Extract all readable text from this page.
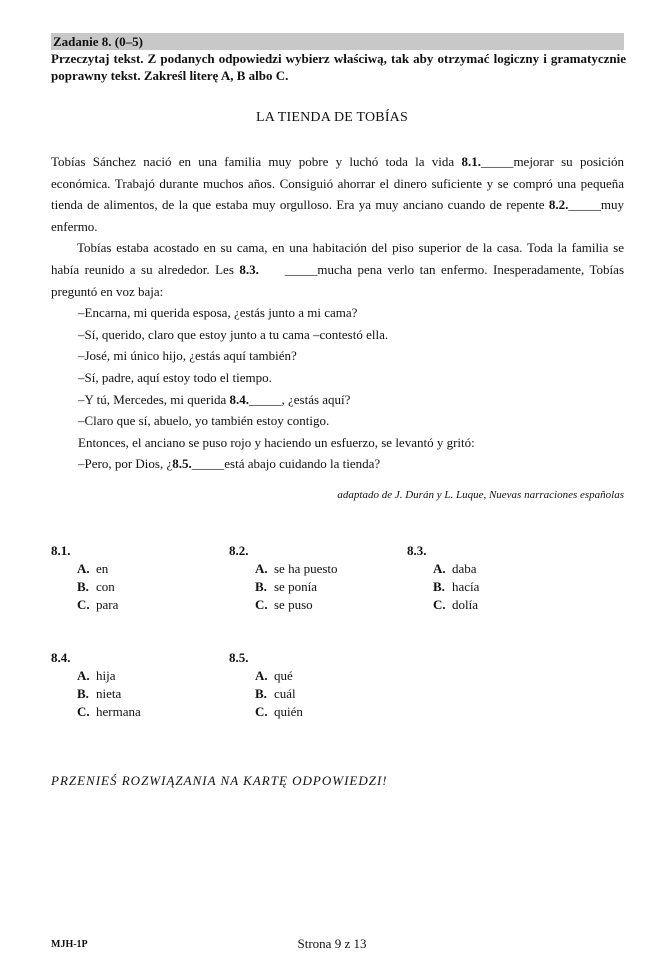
Zadanie 8. (0–5)
Przeczytaj tekst. Z podanych odpowiedzi wybierz właściwą, tak aby otrzymać logiczny i gramatycznie poprawny tekst. Zakreśl literę A, B albo C.
LA TIENDA DE TOBÍAS

Tobías Sánchez nació en una familia muy pobre y luchó toda la vida 8.1._____mejorar su posición económica. Trabajó durante muchos años. Consiguió ahorrar el dinero suficiente y se compró una pequeña tienda de alimentos, de la que estaba muy orgulloso. Era ya muy anciano cuando de repente 8.2._____muy enfermo.

Tobías estaba acostado en su cama, en una habitación del piso superior de la casa. Toda la familia se había reunido a su alrededor. Les 8.3._____mucha pena verlo tan enfermo. Inesperadamente, Tobías preguntó en voz baja:

–Encarna, mi querida esposa, ¿estás junto a mi cama?

–Sí, querido, claro que estoy junto a tu cama –contestó ella.

–José, mi único hijo, ¿estás aquí también?

–Sí, padre, aquí estoy todo el tiempo.

–Y tú, Mercedes, mi querida 8.4._____, ¿estás aquí?

–Claro que sí, abuelo, yo también estoy contigo.

Entonces, el anciano se puso rojo y haciendo un esfuerzo, se levantó y gritó:

–Pero, por Dios, ¿8.5._____está abajo cuidando la tienda?

adaptado de J. Durán y L. Luque, Nuevas narraciones españolas
8.1.
A. en
B. con
C. para
8.2.
A. se ha puesto
B. se ponía
C. se puso
8.3.
A. daba
B. hacía
C. dolía
8.4.
A. hija
B. nieta
C. hermana
8.5.
A. qué
B. cuál
C. quién
PRZENIEŚ ROZWIĄZANIA NA KARTĘ ODPOWIEDZI!
MJH-1P	Strona 9 z 13
